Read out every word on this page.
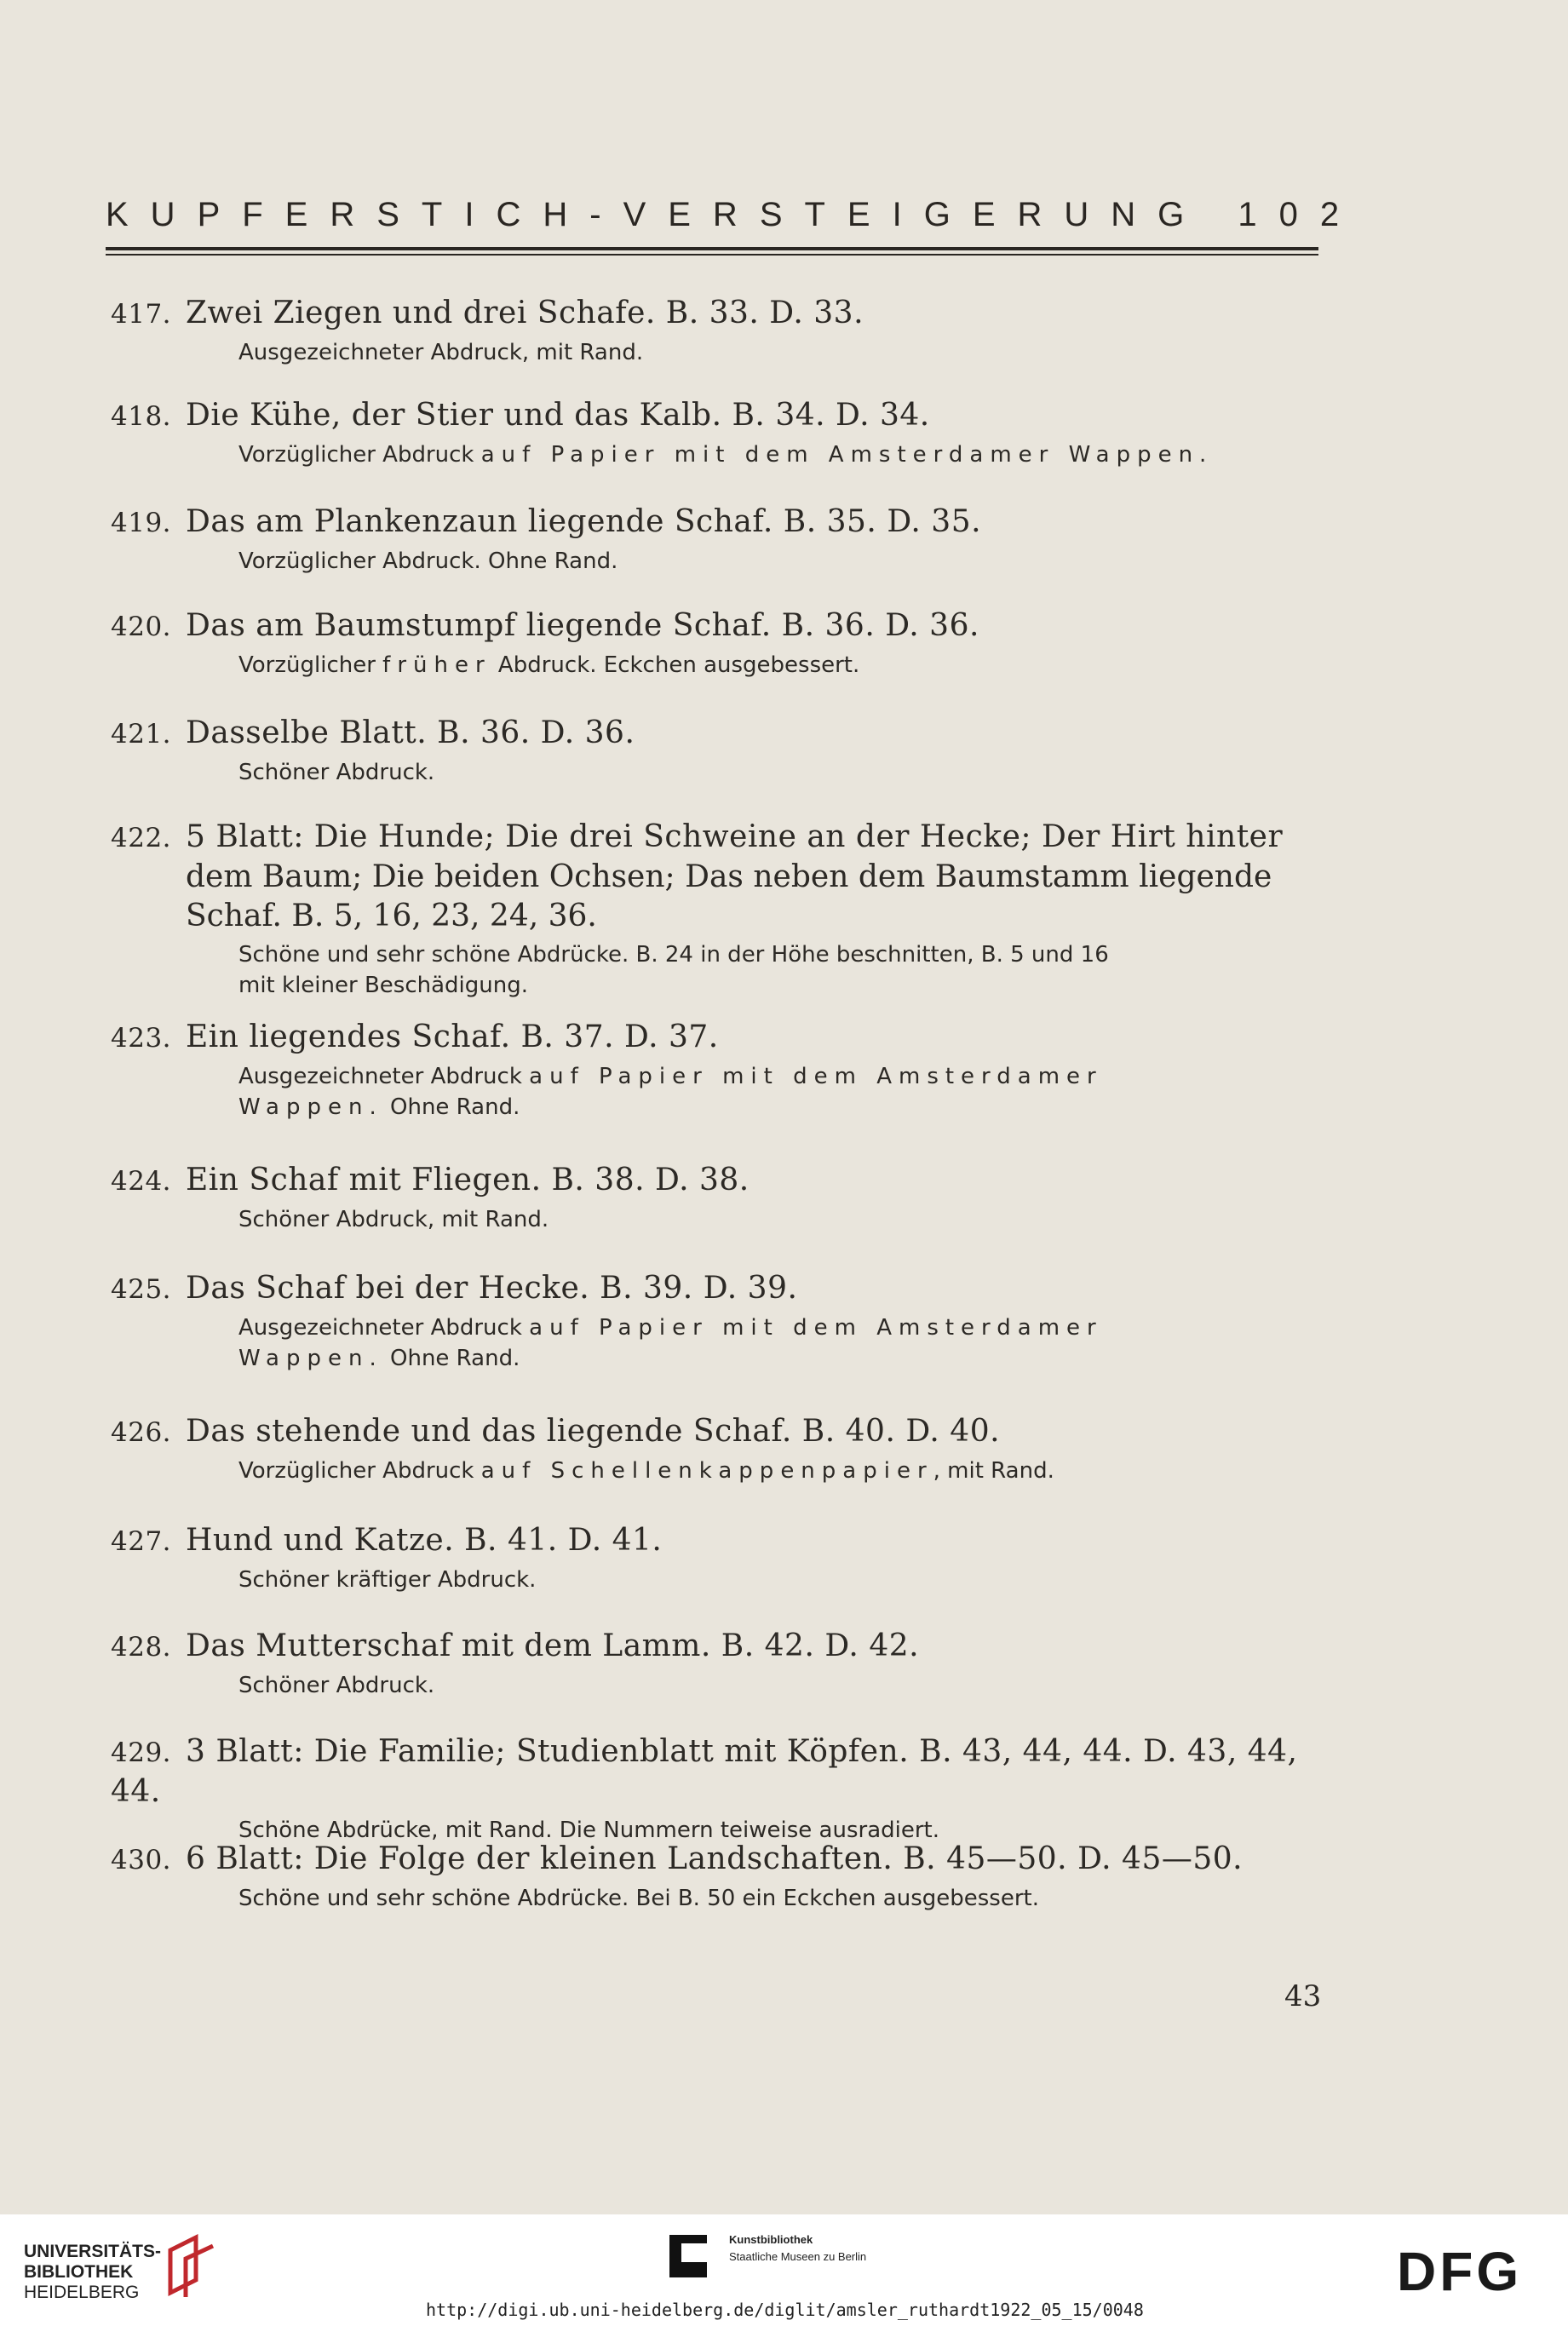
KUPFERSTICH-VERSTEIGERUNG 102
417. Zwei Ziegen und drei Schafe. B. 33. D. 33.
Ausgezeichneter Abdruck, mit Rand.
418. Die Kühe, der Stier und das Kalb. B. 34. D. 34.
Vorzüglicher Abdruck auf Papier mit dem Amsterdamer Wappen.
419. Das am Plankenzaun liegende Schaf. B. 35. D. 35.
Vorzüglicher Abdruck. Ohne Rand.
420. Das am Baumstumpf liegende Schaf. B. 36. D. 36.
Vorzüglicher früher Abdruck. Eckchen ausgebessert.
421. Dasselbe Blatt. B. 36. D. 36.
Schöner Abdruck.
422. 5 Blatt: Die Hunde; Die drei Schweine an der Hecke; Der Hirt hinter
dem Baum; Die beiden Ochsen; Das neben dem Baumstamm liegende
Schaf. B. 5, 16, 23, 24, 36.
Schöne und sehr schöne Abdrücke. B. 24 in der Höhe beschnitten, B. 5 und 16
mit kleiner Beschädigung.
423. Ein liegendes Schaf. B. 37. D. 37.
Ausgezeichneter Abdruck auf Papier mit dem Amsterdamer
Wappen. Ohne Rand.
424. Ein Schaf mit Fliegen. B. 38. D. 38.
Schöner Abdruck, mit Rand.
425. Das Schaf bei der Hecke. B. 39. D. 39.
Ausgezeichneter Abdruck auf Papier mit dem Amsterdamer
Wappen. Ohne Rand.
426. Das stehende und das liegende Schaf. B. 40. D. 40.
Vorzüglicher Abdruck auf Schellenkappenpapier, mit Rand.
427. Hund und Katze. B. 41. D. 41.
Schöner kräftiger Abdruck.
428. Das Mutterschaf mit dem Lamm. B. 42. D. 42.
Schöner Abdruck.
429. 3 Blatt: Die Familie; Studienblatt mit Köpfen. B. 43, 44, 44. D. 43, 44, 44.
Schöne Abdrücke, mit Rand. Die Nummern teiweise ausradiert.
430. 6 Blatt: Die Folge der kleinen Landschaften. B. 45—50. D. 45—50.
Schöne und sehr schöne Abdrücke. Bei B. 50 ein Eckchen ausgebessert.
43
UNIVERSITÄTS-
BIBLIOTHEK
HEIDELBERG
Kunstbibliothek
Staatliche Museen zu Berlin	DFG
http://digi.ub.uni-heidelberg.de/diglit/amsler_ruthardt1922_05_15/0048
